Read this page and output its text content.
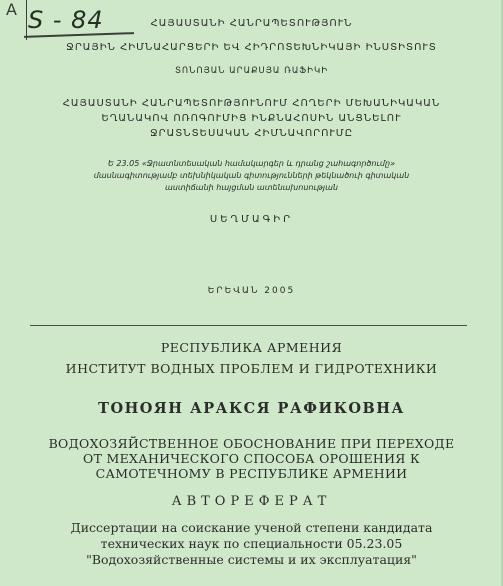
A S - 84	ՀԱՅԱՍՏԱՆԻ ՀԱՆՐԱՊԵՏՈՒԹՅՈՒՆ
ՋՐԱՅԻՆ ՀԻՄՆԱՀԱՐՑԵՐԻ ԵՎ ՀԻԴՐՈՏԵԽՆԻԿԱՅԻ ԻՆՍՏԻՏՈՒՏ
ՏՈՆՈՅԱՆ ԱՐԱՔՍՅԱ ՌԱՖԻԿԻ
ՀԱՅԱՍՏԱՆԻ ՀԱՆՐԱՊԵՏՈՒԹՅՈՒՆՈՒՄ ՀՈՂԵՐԻ ՄԵԽԱՆԻԿԱԿԱՆ ԵՂԱՆԱԿՈՎ ՈՌՈԳՈՒՄԻՑ ԻՆՔՆԱՀՈՍԻՆ ԱՆՑՆԵԼՈՒ ՋՐԱՏՆՏԵՍԱԿԱՆ ՀԻՄՆԱՎՈՐՈՒՄԸ
Ե 23.05 «Ջրատնտեսական համակարգեր և դրանց շահագործումը» մասնագիտությամբ տեխնիկական գիտությունների թեկնածուի գիտական աստիճանի հայցման ատենախոսության
ՍԵՂՄԱԳԻՐ
ԵՐԵՎԱՆ 2005
РЕСПУБЛИКА АРМЕНИЯ
ИНСТИТУТ ВОДНЫХ ПРОБЛЕМ И ГИДРОТЕХНИКИ
ТОНОЯН АРАКСЯ РАФИКОВНА
ВОДОХОЗЯЙСТВЕННОЕ ОБОСНОВАНИЕ ПРИ ПЕРЕХОДЕ ОТ МЕХАНИЧЕСКОГО СПОСОБА ОРОШЕНИЯ К САМОТЕЧНОМУ В РЕСПУБЛИКЕ АРМЕНИИ
АВТОРЕФЕРАТ
Диссертации на соискание ученой степени кандидата технических наук по специальности 05.23.05 "Водохозяйственные системы и их эксплуатация"
